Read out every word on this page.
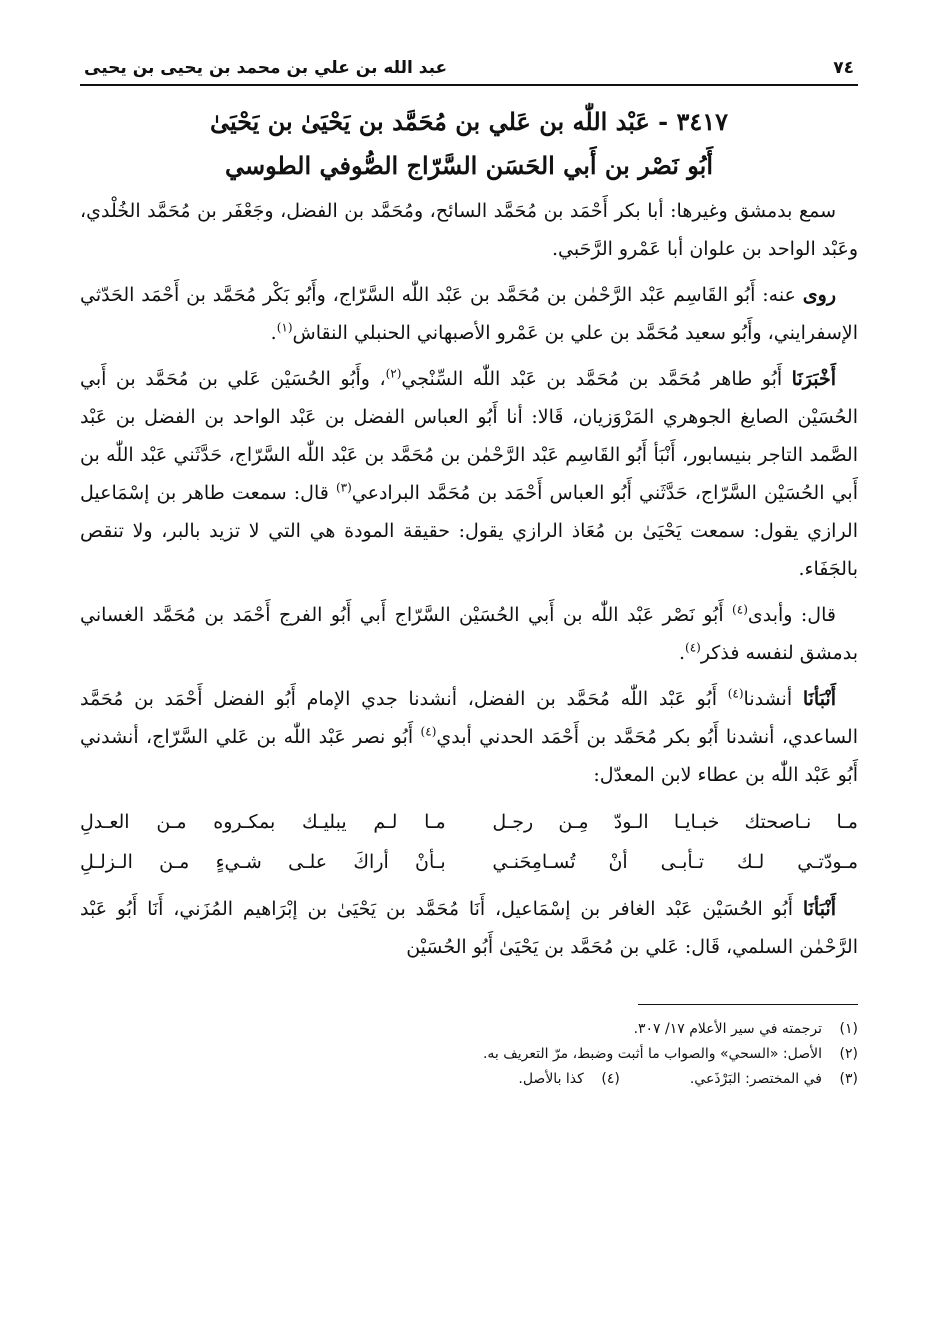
٧٤
عبد الله بن علي بن محمد بن يحيى بن يحيى
٣٤١٧ - عَبْد اللّٰه بن عَلي بن مُحَمَّد بن يَحْيَىٰ بن يَحْيَىٰ
أَبُو نَصْر بن أَبي الحَسَن السَّرّاج الصُّوفي الطوسي

سمع بدمشق وغيرها: أبا بكر أَحْمَد بن مُحَمَّد السائح، ومُحَمَّد بن الفضل، وجَعْفَر بن مُحَمَّد الخُلْدي، وعَبْد الواحد بن علوان أبا عَمْرو الرَّحَبي.

روى عنه: أَبُو القَاسِم عَبْد الرَّحْمٰن بن مُحَمَّد بن عَبْد اللّٰه السَّرّاج، وأَبُو بَكْر مُحَمَّد بن أَحْمَد الحَدّثي الإسفرايني، وأَبُو سعيد مُحَمَّد بن علي بن عَمْرو الأصبهاني الحنبلي النقاش$^{(١)}$.

أَخْبَرَنَا أَبُو طاهر مُحَمَّد بن مُحَمَّد بن عَبْد اللّٰه السِّنْجي$^{(٢)}$، وأَبُو الحُسَيْن عَلي بن مُحَمَّد بن أَبي الحُسَيْن الصايغ الجوهري المَرْوَزيان، قَالا: أنا أَبُو العباس الفضل بن عَبْد الواحد بن الفضل بن عَبْد الصَّمد التاجر بنيسابور، أَنْبَأ أَبُو القَاسِم عَبْد الرَّحْمٰن بن مُحَمَّد بن عَبْد اللّٰه السَّرّاج، حَدَّثَني عَبْد اللّٰه بن أَبي الحُسَيْن السَّرّاج، حَدَّثَني أَبُو العباس أَحْمَد بن مُحَمَّد البرادعي$^{(٣)}$ قال: سمعت طاهر بن إسْمَاعيل الرازي يقول: سمعت يَحْيَىٰ بن مُعَاذ الرازي يقول: حقيقة المودة هي التي لا تزيد بالبر، ولا تنقص بالجَفَاء.

قال: وأبدى$^{(٤)}$ أَبُو نَصْر عَبْد اللّٰه بن أَبي الحُسَيْن السَّرّاج أَبي أَبُو الفرج أَحْمَد بن مُحَمَّد الغساني بدمشق لنفسه فذكر$^{(٤)}$.

أَنْبَأنَا أنشدنا$^{(٤)}$ أَبُو عَبْد اللّٰه مُحَمَّد بن الفضل، أنشدنا جدي الإمام أَبُو الفضل أَحْمَد بن مُحَمَّد الساعدي، أنشدنا أَبُو بكر مُحَمَّد بن أَحْمَد الحدني أبدي$^{(٤)}$ أَبُو نصر عَبْد اللّٰه بن عَلي السَّرّاج، أنشدني أَبُو عَبْد اللّٰه بن عطاء لابن المعدّل:

مـا نـاصحتك خبـايـا الـودّ مِـن رجـل
مـا لـم يبليـك بمكـروه مـن العـدلِ
مـودّتـي لـك تـأبـى أنْ تُسـامِحَنـي
بـأنْ أراكَ علـى شـيءٍ مـن الـزلـلِ

أَنْبَأنَا أَبُو الحُسَيْن عَبْد الغافر بن إسْمَاعيل، أَنَا مُحَمَّد بن يَحْيَىٰ بن إبْرَاهيم المُزَني، أَنَا أَبُو عَبْد الرَّحْمٰن السلمي، قَال: عَلي بن مُحَمَّد بن يَحْيَىٰ أَبُو الحُسَيْن

(١)
ترجمته في سير الأعلام ١٧/ ٣٠٧.
(٢)
الأصل: «السحي» والصواب ما أثبت وضبط، مرّ التعريف به.
(٣)
في المختصر: البَرْذَعي.
(٤)
كذا بالأصل.
